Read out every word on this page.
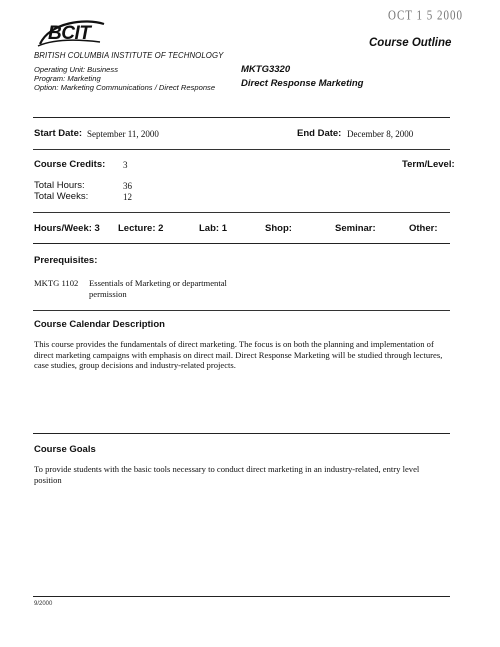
OCT 1 5 2000
BCIT
BRITISH COLUMBIA INSTITUTE OF TECHNOLOGY
Course Outline
Operating Unit: Business
Program: Marketing
Option: Marketing Communications / Direct Response
MKTG3320
Direct Response Marketing
Start Date: September 11, 2000	End Date: December 8, 2000
Course Credits: 3	Term/Level:
Total Hours:	36
Total Weeks:	12
Hours/Week: 3 Lecture: 2	Lab: 1	Shop:	Seminar:	Other:
Prerequisites:
MKTG 1102 Essentials of Marketing or departmental
permission
Course Calendar Description
This course provides the fundamentals of direct marketing. The focus is on both the planning and implementation of direct marketing campaigns with emphasis on direct mail. Direct Response Marketing will be studied through lectures, case studies, group decisions and industry-related projects.
Course Goals
To provide students with the basic tools necessary to conduct direct marketing in an industry-related, entry level position
9/2000
